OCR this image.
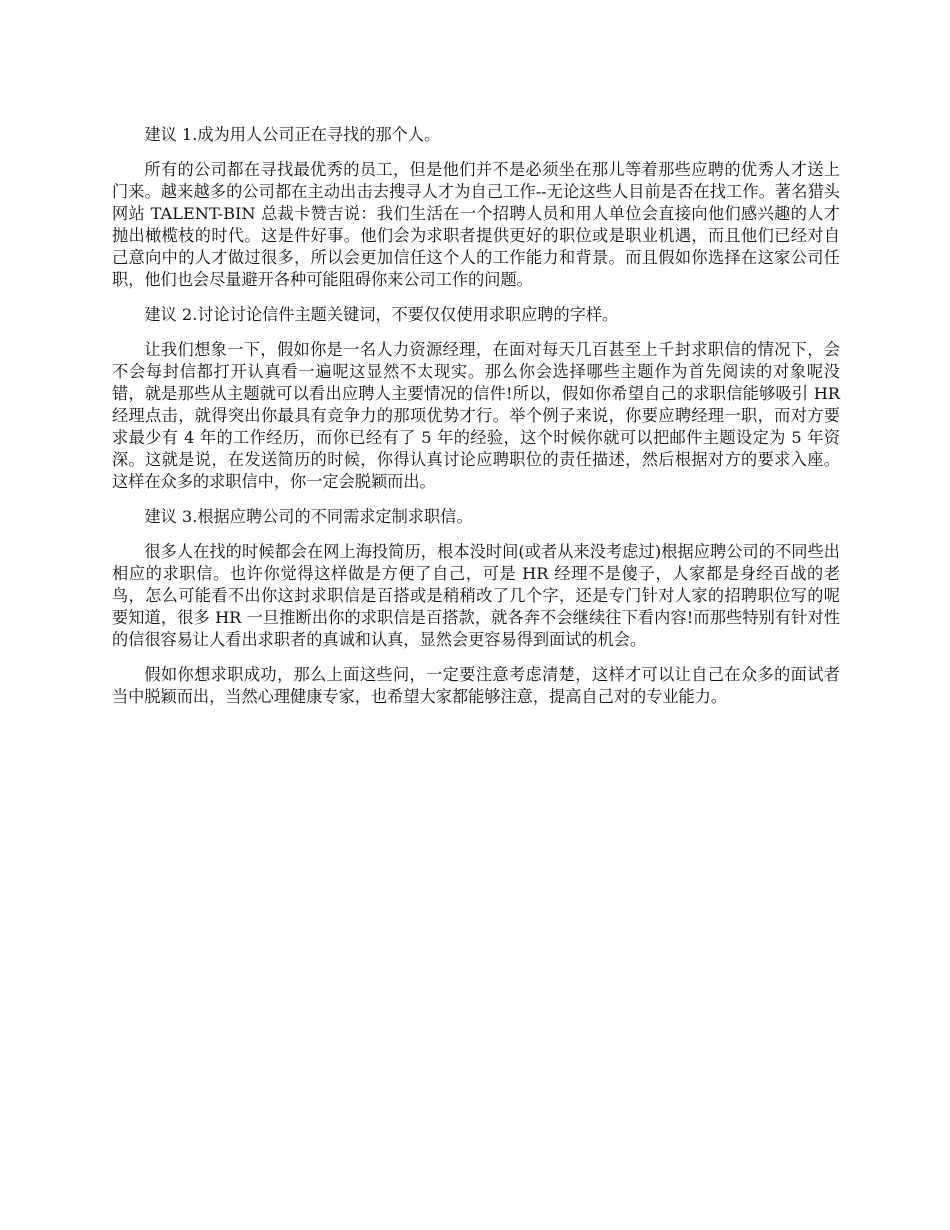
建议 1.成为用人公司正在寻找的那个人。

所有的公司都在寻找最优秀的员工，但是他们并不是必须坐在那儿等着那些应聘的优秀人才送上门来。越来越多的公司都在主动出击去搜寻人才为自己工作--无论这些人目前是否在找工作。著名猎头网站 TALENT-BIN 总裁卡赞吉说：我们生活在一个招聘人员和用人单位会直接向他们感兴趣的人才抛出橄榄枝的时代。这是件好事。他们会为求职者提供更好的职位或是职业机遇，而且他们已经对自己意向中的人才做过很多，所以会更加信任这个人的工作能力和背景。而且假如你选择在这家公司任职，他们也会尽量避开各种可能阻碍你来公司工作的问题。

建议 2.讨论讨论信件主题关键词，不要仅仅使用求职应聘的字样。

让我们想象一下，假如你是一名人力资源经理，在面对每天几百甚至上千封求职信的情况下，会不会每封信都打开认真看一遍呢这显然不太现实。那么你会选择哪些主题作为首先阅读的对象呢没错，就是那些从主题就可以看出应聘人主要情况的信件!所以，假如你希望自己的求职信能够吸引 HR 经理点击，就得突出你最具有竞争力的那项优势才行。举个例子来说，你要应聘经理一职，而对方要求最少有 4 年的工作经历，而你已经有了 5 年的经验，这个时候你就可以把邮件主题设定为 5 年资深。这就是说，在发送简历的时候，你得认真讨论应聘职位的责任描述，然后根据对方的要求入座。这样在众多的求职信中，你一定会脱颖而出。

建议 3.根据应聘公司的不同需求定制求职信。

很多人在找的时候都会在网上海投简历，根本没时间(或者从来没考虑过)根据应聘公司的不同些出相应的求职信。也许你觉得这样做是方便了自己，可是 HR 经理不是傻子，人家都是身经百战的老鸟，怎么可能看不出你这封求职信是百搭或是稍稍改了几个字，还是专门针对人家的招聘职位写的呢要知道，很多 HR 一旦推断出你的求职信是百搭款，就各奔不会继续往下看内容!而那些特别有针对性的信很容易让人看出求职者的真诚和认真，显然会更容易得到面试的机会。

假如你想求职成功，那么上面这些问，一定要注意考虑清楚，这样才可以让自己在众多的面试者当中脱颖而出，当然心理健康专家，也希望大家都能够注意，提高自己对的专业能力。
